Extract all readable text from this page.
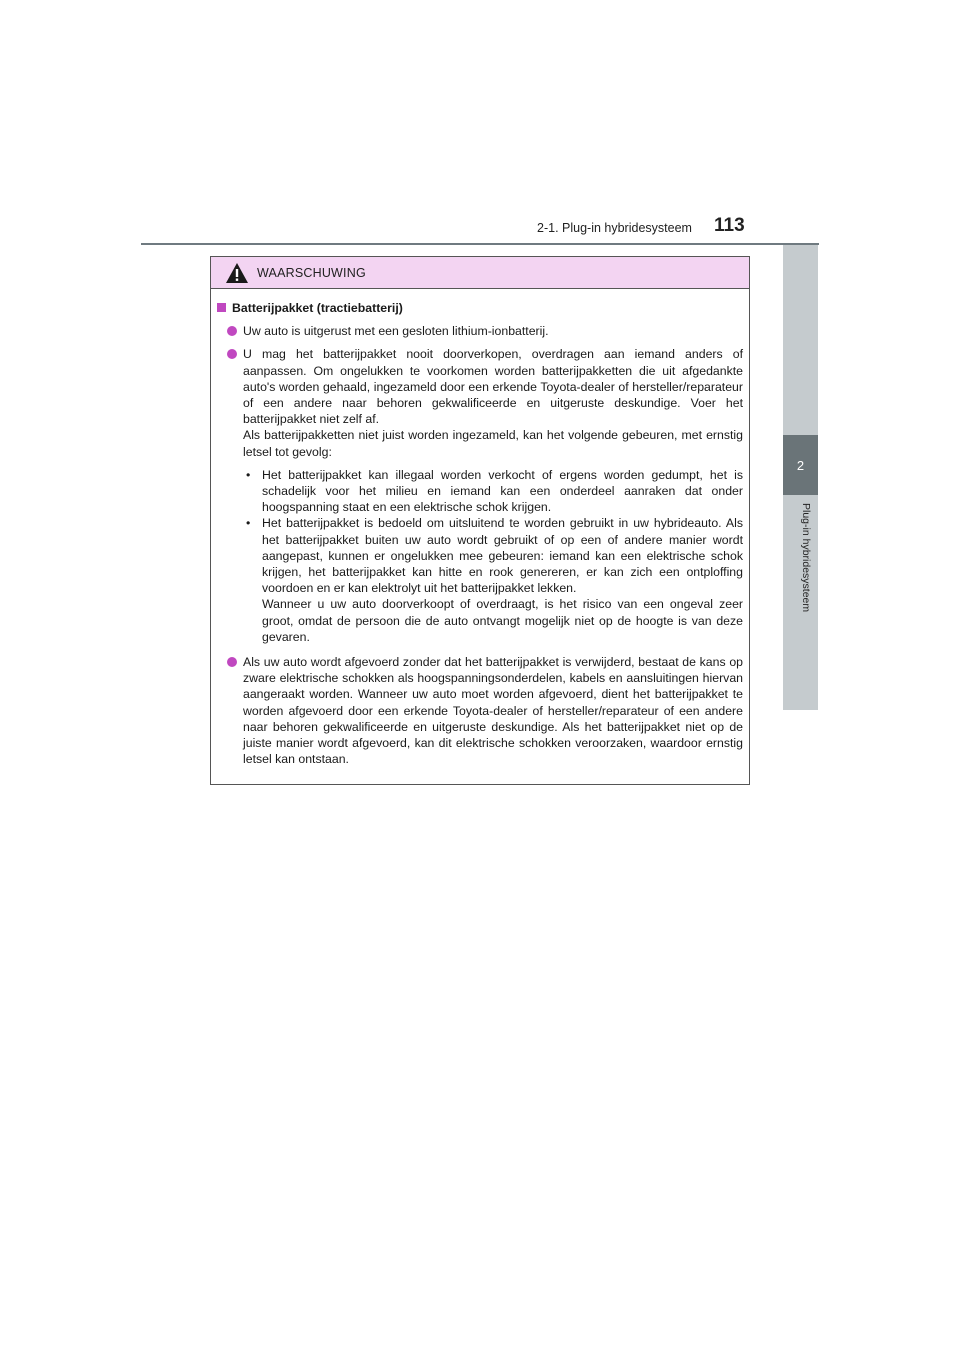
2-1. Plug-in hybridesysteem 113
2
Plug-in hybridesysteem
WAARSCHUWING
Batterijpakket (tractiebatterij)

Uw auto is uitgerust met een gesloten lithium-ionbatterij.

U mag het batterijpakket nooit doorverkopen, overdragen aan iemand anders of aanpassen. Om ongelukken te voorkomen worden batterijpakketten die uit afgedankte auto's worden gehaald, ingezameld door een erkende Toyota-dealer of hersteller/reparateur of een andere naar behoren gekwalificeerde en uitgeruste deskundige. Voer het batterijpakket niet zelf af.

Als batterijpakketten niet juist worden ingezameld, kan het volgende gebeuren, met ernstig letsel tot gevolg:

• Het batterijpakket kan illegaal worden verkocht of ergens worden gedumpt, het is schadelijk voor het milieu en iemand kan een onderdeel aanraken dat onder hoogspanning staat en een elektrische schok krijgen.

• Het batterijpakket is bedoeld om uitsluitend te worden gebruikt in uw hybrideauto. Als het batterijpakket buiten uw auto wordt gebruikt of op een of andere manier wordt aangepast, kunnen er ongelukken mee gebeuren: iemand kan een elektrische schok krijgen, het batterijpakket kan hitte en rook genereren, er kan zich een ontploffing voordoen en er kan elektrolyt uit het batterijpakket lekken.

Wanneer u uw auto doorverkoopt of overdraagt, is het risico van een ongeval zeer groot, omdat de persoon die de auto ontvangt mogelijk niet op de hoogte is van deze gevaren.

Als uw auto wordt afgevoerd zonder dat het batterijpakket is verwijderd, bestaat de kans op zware elektrische schokken als hoogspanningsonderdelen, kabels en aansluitingen hiervan aangeraakt worden. Wanneer uw auto moet worden afgevoerd, dient het batterijpakket te worden afgevoerd door een erkende Toyota-dealer of hersteller/reparateur of een andere naar behoren gekwalificeerde en uitgeruste deskundige. Als het batterijpakket niet op de juiste manier wordt afgevoerd, kan dit elektrische schokken veroorzaken, waardoor ernstig letsel kan ontstaan.
